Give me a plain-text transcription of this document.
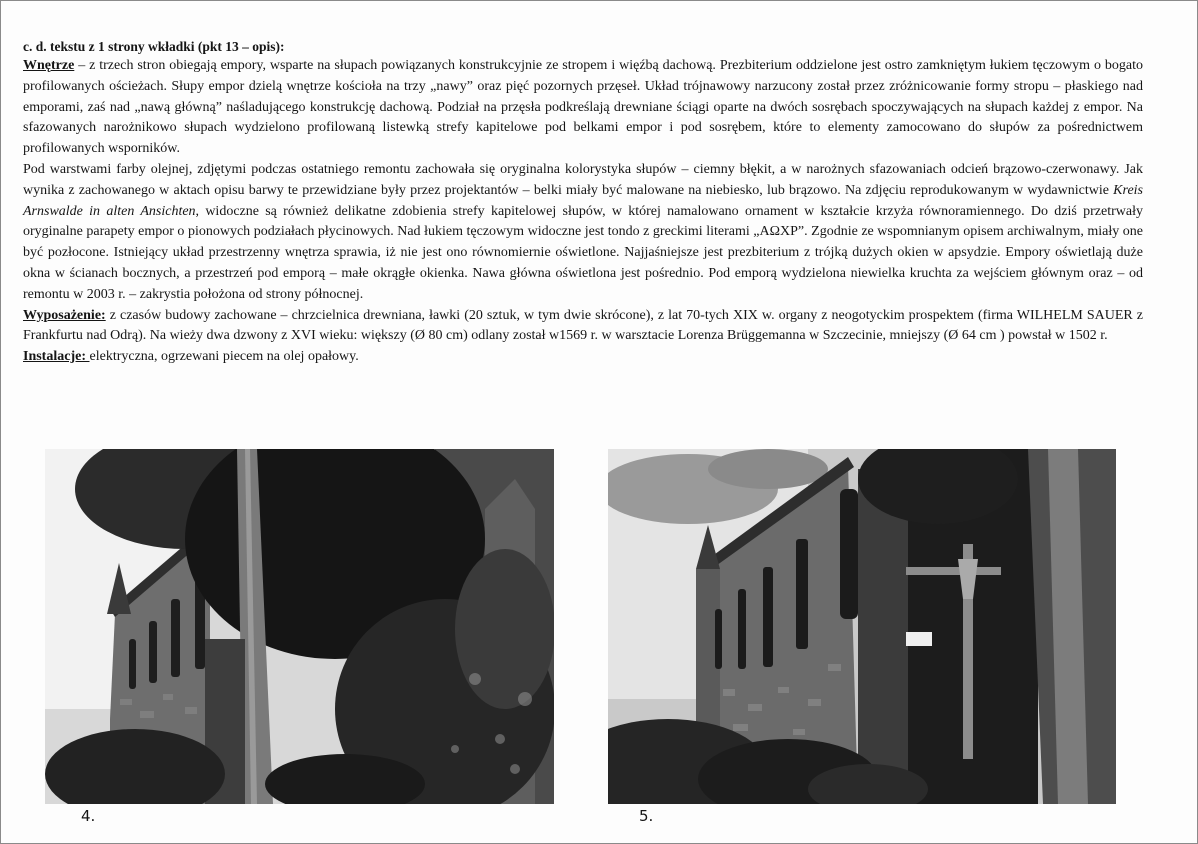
c. d. tekstu z 1 strony wkładki (pkt 13 – opis):

Wnętrze – z trzech stron obiegają empory, wsparte na słupach powiązanych konstrukcyjnie ze stropem i więźbą dachową. Prezbiterium oddzielone jest ostro zamkniętym łukiem tęczowym o bogato profilowanych ościeżach. Słupy empor dzielą wnętrze kościoła na trzy „nawy” oraz pięć pozornych przęseł. Układ trójnawowy narzucony został przez zróżnicowanie formy stropu – płaskiego nad emporami, zaś nad „nawą główną” naśladującego konstrukcję dachową. Podział na przęsła podkreślają drewniane ściągi oparte na dwóch sosrębach spoczywających na słupach każdej z empor. Na sfazowanych narożnikowo słupach wydzielono profilowaną listewką strefy kapitelowe pod belkami empor i pod sosrębem, które to elementy zamocowano do słupów za pośrednictwem profilowanych wsporników.

Pod warstwami farby olejnej, zdjętymi podczas ostatniego remontu zachowała się oryginalna kolorystyka słupów – ciemny błękit, a w narożnych sfazowaniach odcień brązowo-czerwonawy. Jak wynika z zachowanego w aktach opisu barwy te przewidziane były przez projektantów – belki miały być malowane na niebiesko, lub brązowo. Na zdjęciu reprodukowanym w wydawnictwie Kreis Arnswalde in alten Ansichten, widoczne są również delikatne zdobienia strefy kapitelowej słupów, w której namalowano ornament w kształcie krzyża równoramiennego. Do dziś przetrwały oryginalne parapety empor o pionowych podziałach płycinowych. Nad łukiem tęczowym widoczne jest tondo z greckimi literami „AΩXP”. Zgodnie ze wspomnianym opisem archiwalnym, miały one być pozłocone. Istniejący układ przestrzenny wnętrza sprawia, iż nie jest ono równomiernie oświetlone. Najjaśniejsze jest prezbiterium z trójką dużych okien w apsydzie. Empory oświetlają duże okna w ścianach bocznych, a przestrzeń pod emporą – małe okrągłe okienka. Nawa główna oświetlona jest pośrednio. Pod emporą wydzielona niewielka kruchta za wejściem głównym oraz – od remontu w 2003 r. – zakrystia położona od strony północnej.

Wyposażenie: z czasów budowy zachowane – chrzcielnica drewniana, ławki (20 sztuk, w tym dwie skrócone), z lat 70-tych XIX w. organy z neogotyckim prospektem (firma WILHELM SAUER z Frankfurtu nad Odrą). Na wieży dwa dzwony z XVI wieku: większy (Ø 80 cm) odlany został w1569 r. w warsztacie Lorenza Brüggemanna w Szczecinie, mniejszy (Ø 64 cm ) powstał w 1502 r.

Instalacje: elektryczna, ogrzewani piecem na olej opałowy.

4.	5.
